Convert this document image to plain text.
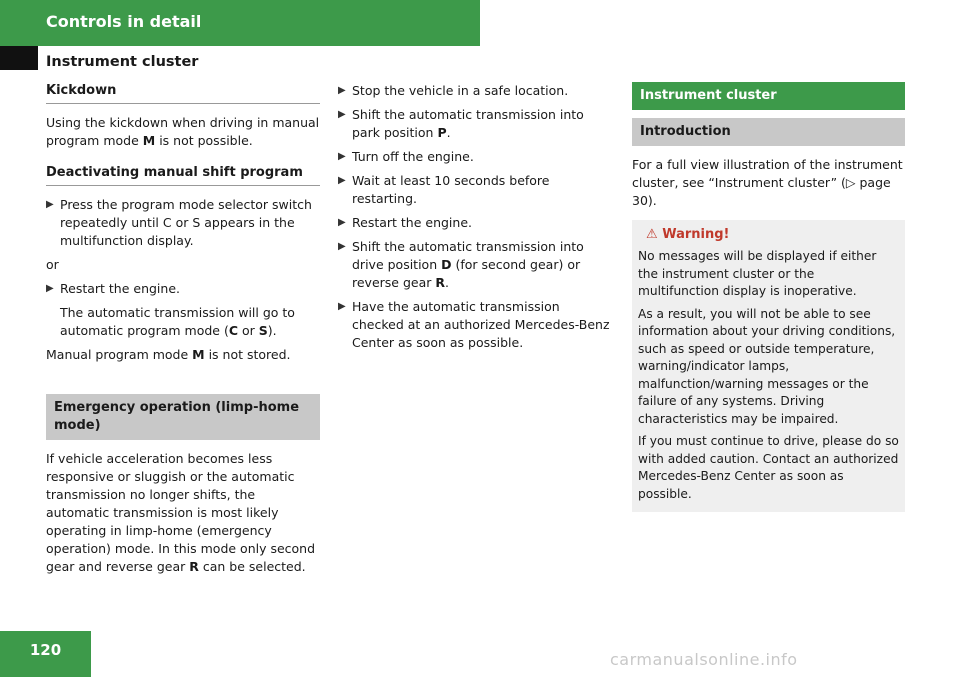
Controls in detail
Instrument cluster
Kickdown

Using the kickdown when driving in manual program mode M is not possible.

Deactivating manual shift program
▶ Press the program mode selector switch repeatedly until C or S appears in the multifunction display.

or

▶ Restart the engine.

The automatic transmission will go to automatic program mode (C or S).

Manual program mode M is not stored.

Emergency operation (limp-home mode)

If vehicle acceleration becomes less responsive or sluggish or the automatic transmission no longer shifts, the automatic transmission is most likely operating in limp-home (emergency operation) mode. In this mode only second gear and reverse gear R can be selected.

▶ Stop the vehicle in a safe location.
▶ Shift the automatic transmission into park position P.
▶ Turn off the engine.
▶ Wait at least 10 seconds before restarting.
▶ Restart the engine.
▶ Shift the automatic transmission into drive position D (for second gear) or reverse gear R.
▶ Have the automatic transmission checked at an authorized Mercedes-Benz Center as soon as possible.
Instrument cluster
Introduction

For a full view illustration of the instrument cluster, see “Instrument cluster” (▷ page 30).

⚠ Warning!

No messages will be displayed if either the instrument cluster or the multifunction display is inoperative.

As a result, you will not be able to see information about your driving conditions, such as speed or outside temperature, warning/indicator lamps, malfunction/warning messages or the failure of any systems. Driving characteristics may be impaired.

If you must continue to drive, please do so with added caution. Contact an authorized Mercedes-Benz Center as soon as possible.

120	carmanualsonline.info
